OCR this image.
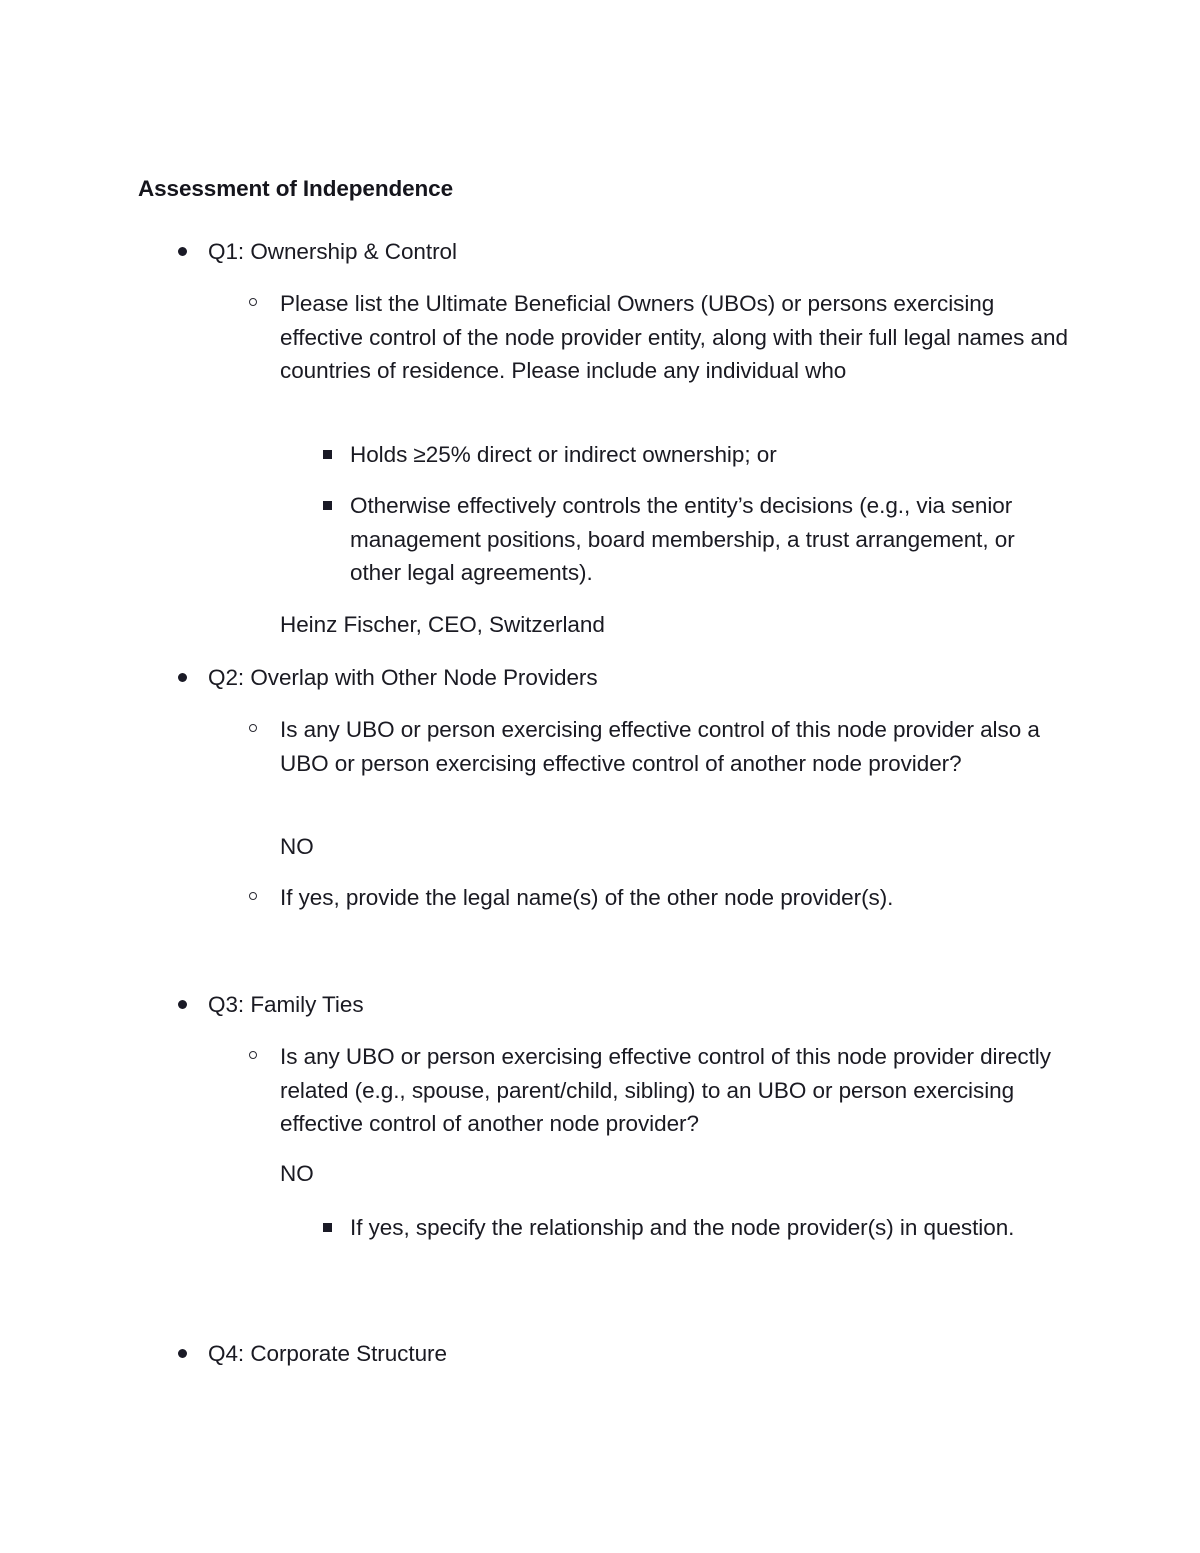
Assessment of Independence
Q1: Ownership & Control
Please list the Ultimate Beneficial Owners (UBOs) or persons exercising effective control of the node provider entity, along with their full legal names and countries of residence. Please include any individual who
Holds ≥25% direct or indirect ownership; or
Otherwise effectively controls the entity’s decisions (e.g., via senior management positions, board membership, a trust arrangement, or other legal agreements).
Heinz Fischer, CEO, Switzerland
Q2: Overlap with Other Node Providers
Is any UBO or person exercising effective control of this node provider also a UBO or person exercising effective control of another node provider?
NO
If yes, provide the legal name(s) of the other node provider(s).
Q3: Family Ties
Is any UBO or person exercising effective control of this node provider directly related (e.g., spouse, parent/child, sibling) to an UBO or person exercising effective control of another node provider?
NO
If yes, specify the relationship and the node provider(s) in question.
Q4: Corporate Structure
